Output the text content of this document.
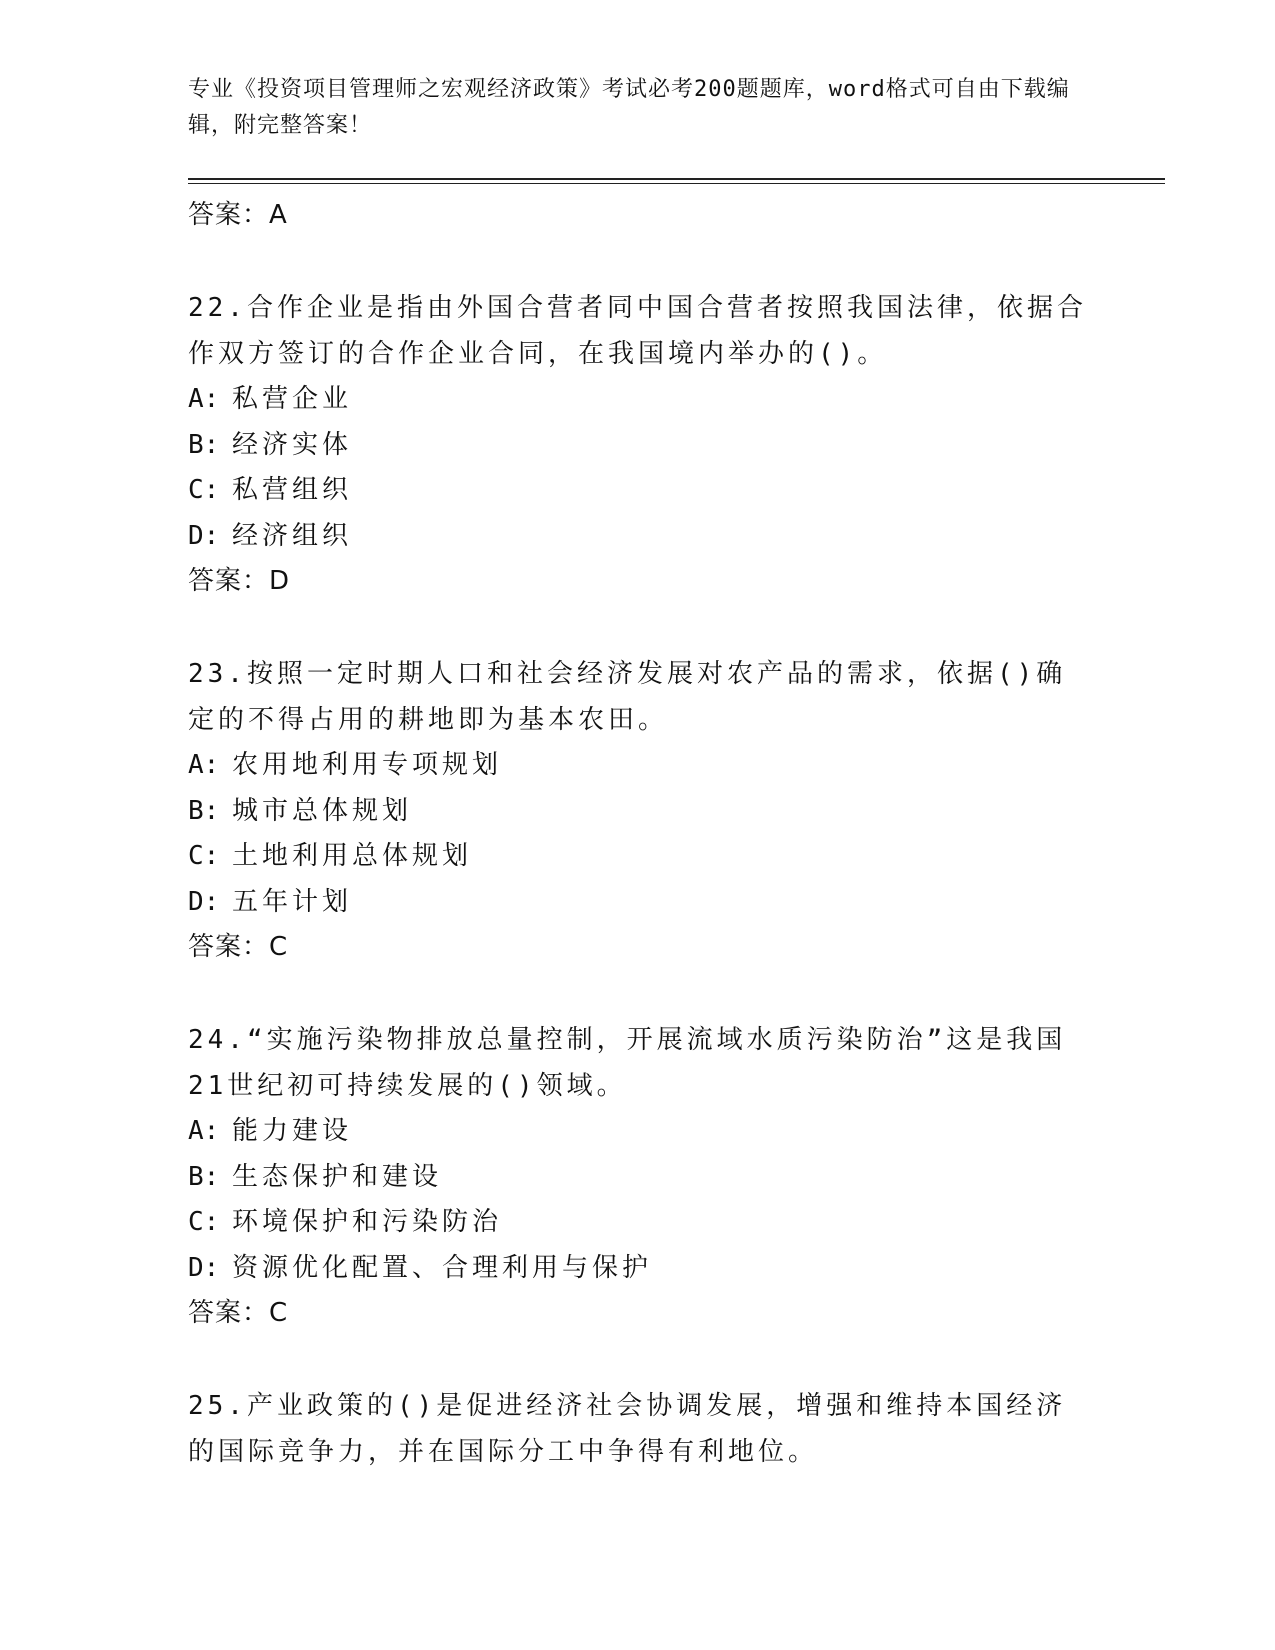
专业《投资项目管理师之宏观经济政策》考试必考200题题库，word格式可自由下载编辑，附完整答案！
答案：A
22.合作企业是指由外国合营者同中国合营者按照我国法律，依据合作双方签订的合作企业合同，在我国境内举办的()。
A: 私营企业
B: 经济实体
C: 私营组织
D: 经济组织
答案：D
23.按照一定时期人口和社会经济发展对农产品的需求，依据()确定的不得占用的耕地即为基本农田。
A: 农用地利用专项规划
B: 城市总体规划
C: 土地利用总体规划
D: 五年计划
答案：C
24.“实施污染物排放总量控制，开展流域水质污染防治”这是我国21世纪初可持续发展的()领域。
A: 能力建设
B: 生态保护和建设
C: 环境保护和污染防治
D: 资源优化配置、合理利用与保护
答案：C
25.产业政策的()是促进经济社会协调发展，增强和维持本国经济的国际竞争力，并在国际分工中争得有利地位。
